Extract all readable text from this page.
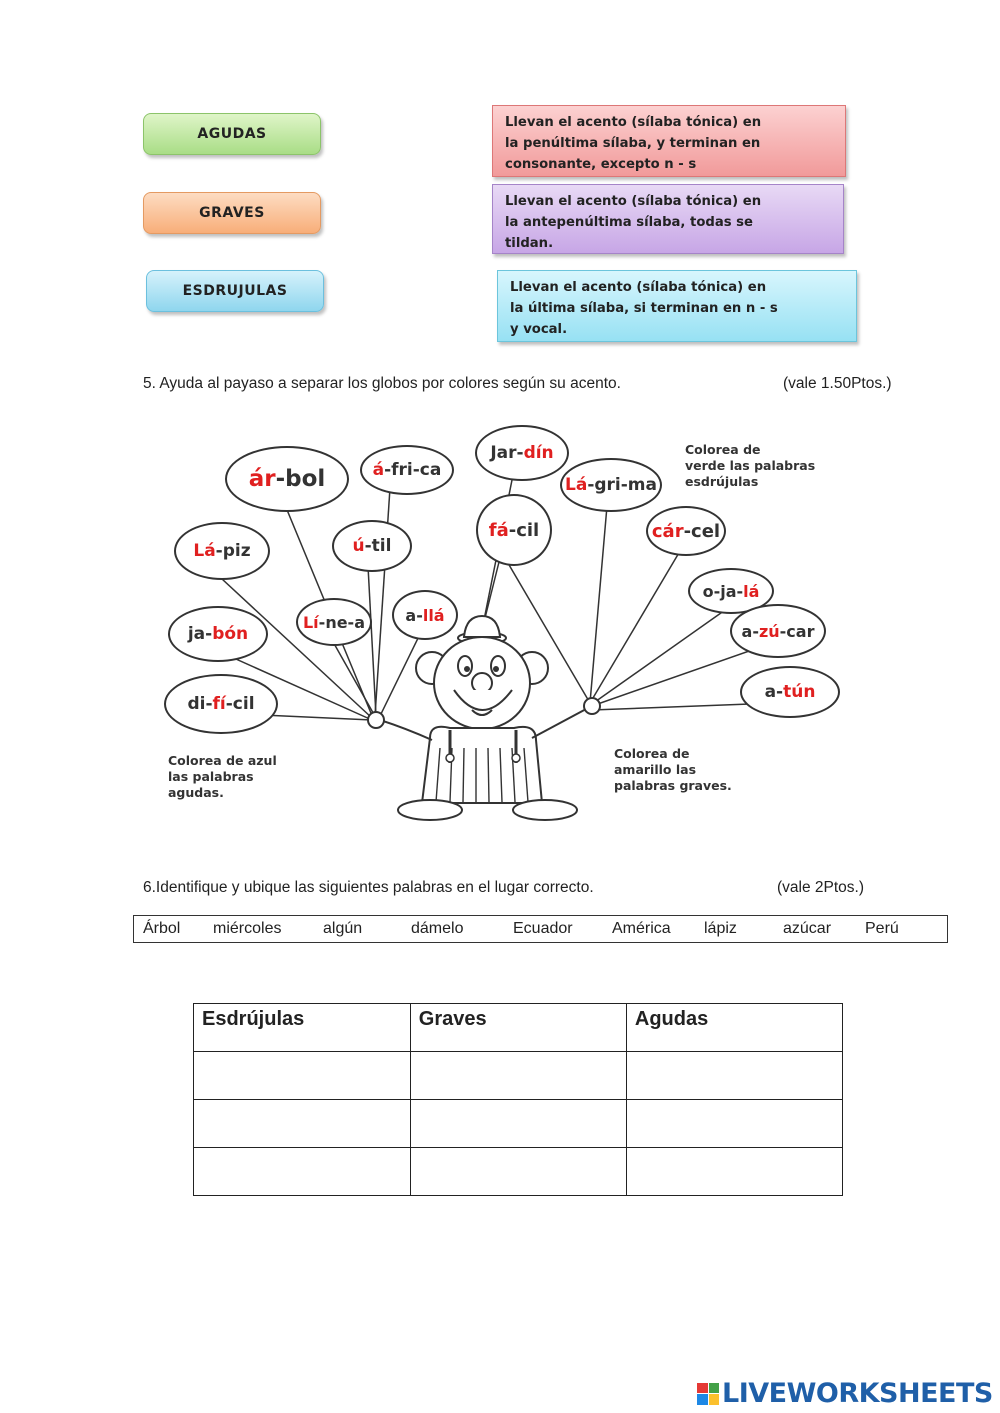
AGUDAS
GRAVES
ESDRUJULAS
Llevan el acento (sílaba tónica) en
la penúltima sílaba, y terminan en
consonante, excepto n - s
Llevan el acento (sílaba tónica) en
la antepenúltima sílaba, todas se
tildan.
Llevan el acento (sílaba tónica) en
la última sílaba, si terminan en n - s
y vocal.
5. Ayuda al payaso a separar los globos por colores según su acento.	(vale 1.50Ptos.)
ár -bol	á -fri-ca
Jar- dín
Lá -gri-ma
Lá -piz	ú -til
fá -cil	cár -cel
o-ja- lá
a- llá
Lí -ne-a
ja- bón	a- zú -car
a- tún
di- fí -cil
Colorea de
verde las palabras
esdrújulas
Colorea de azul
las palabras
agudas.
Colorea de
amarillo las
palabras graves.
6.Identifique y ubique las siguientes palabras en el lugar correcto.	(vale 2Ptos.)
Árbol miércoles	algún	dámelo	Ecuador América lápiz	azúcar Perú
Esdrújulas	Graves	Agudas

LIVEWORKSHEETS
